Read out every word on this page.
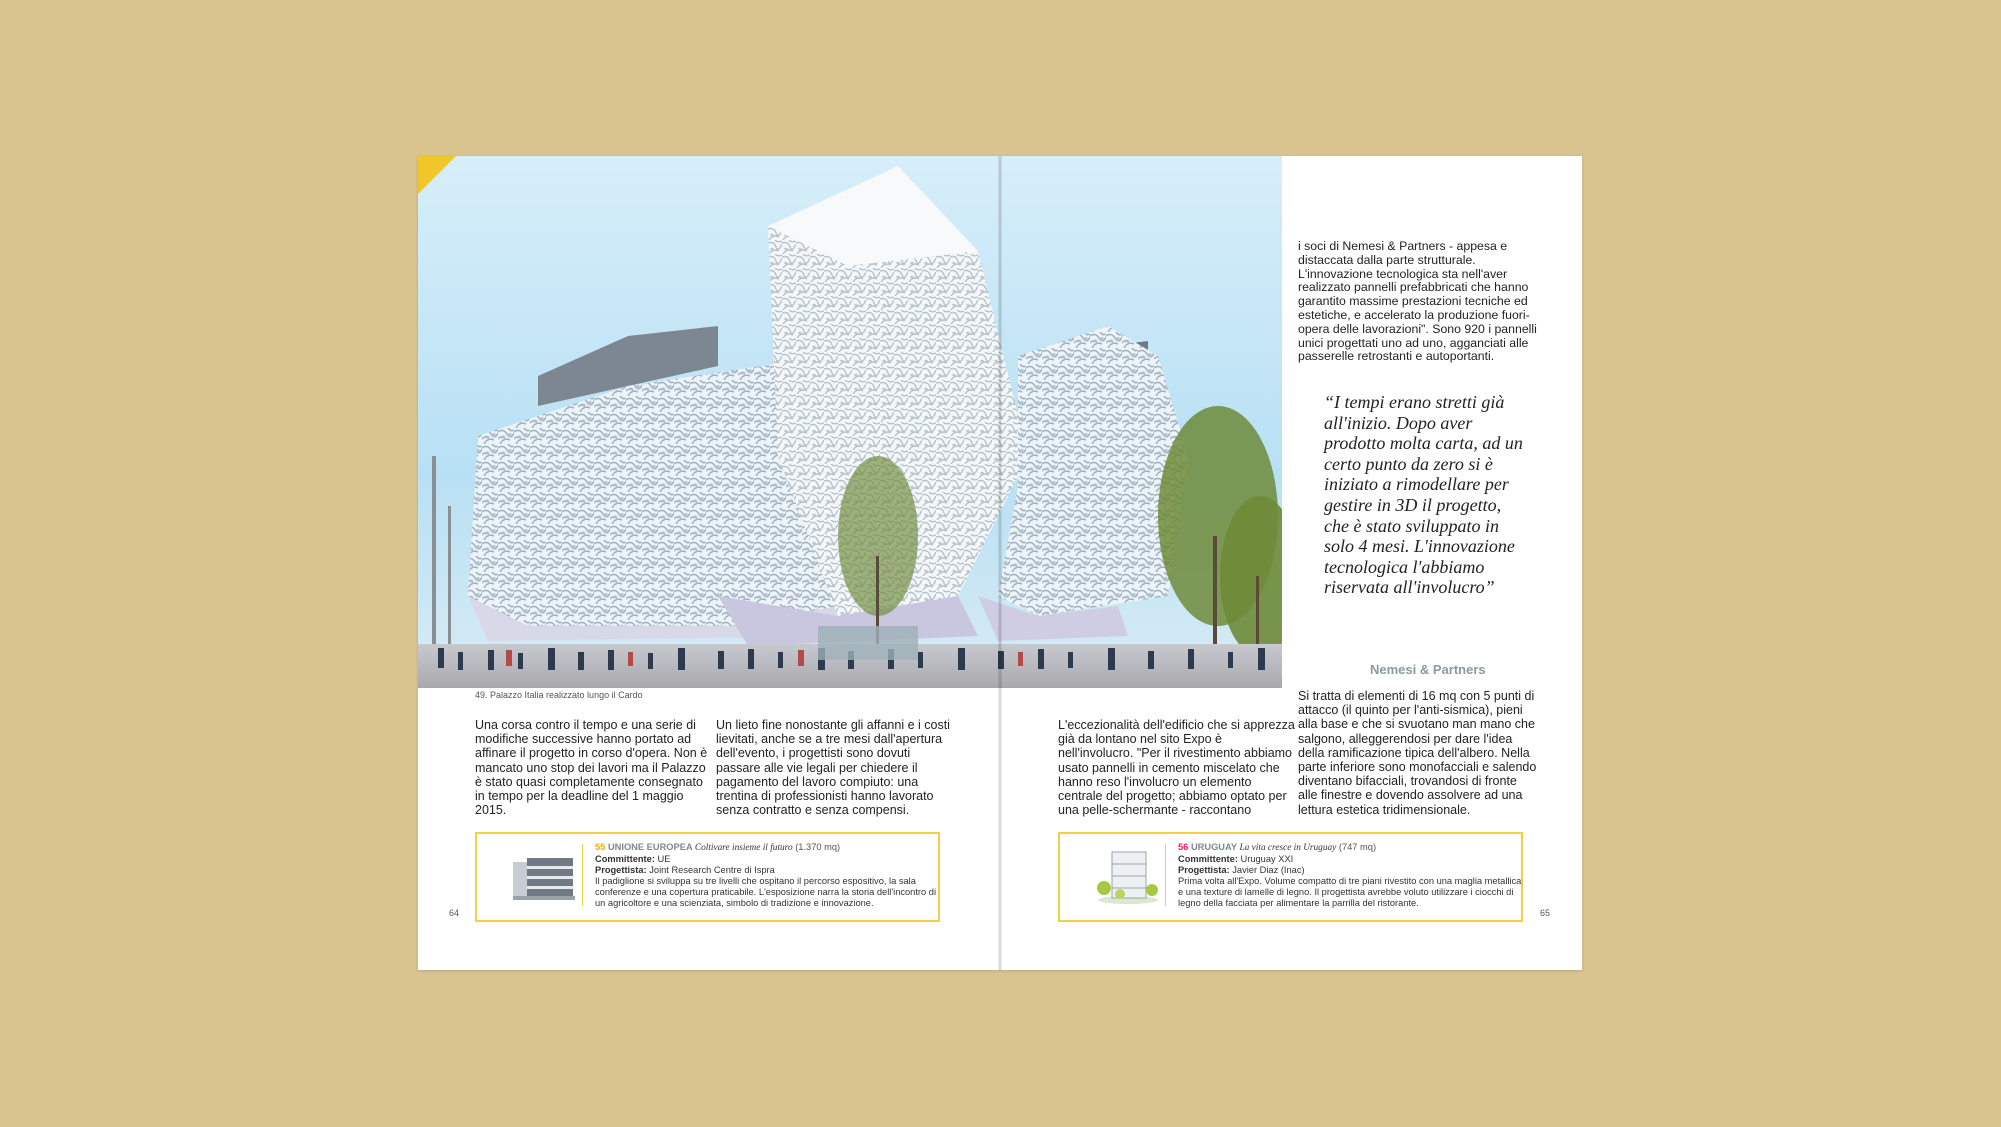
49. Palazzo Italia realizzato lungo il Cardo
Una corsa contro il tempo e una serie di modifiche successive hanno portato ad affinare il progetto in corso d'opera. Non è mancato uno stop dei lavori ma il Palazzo è stato quasi completamente consegnato in tempo per la deadline del 1 maggio 2015.
Un lieto fine nonostante gli affanni e i costi lievitati, anche se a tre mesi dall'apertura dell'evento, i progettisti sono dovuti passare alle vie legali per chiedere il pagamento del lavoro compiuto: una trentina di professionisti hanno lavorato senza contratto e senza compensi.
55 UNIONE EUROPEA Coltivare insieme il futuro (1.370 mq)
Committente: UE
Progettista: Joint Research Centre di Ispra
Il padiglione si sviluppa su tre livelli che ospitano il percorso espositivo, la sala conferenze e una copertura praticabile. L'esposizione narra la storia dell'incontro di un agricoltore e una scienziata, simbolo di tradizione e innovazione.
64
i soci di Nemesi & Partners - appesa e distaccata dalla parte strutturale. L'innovazione tecnologica sta nell'aver realizzato pannelli prefabbricati che hanno garantito massime prestazioni tecniche ed estetiche, e accelerato la produzione fuori-opera delle lavorazioni". Sono 920 i pannelli unici progettati uno ad uno, agganciati alle passerelle retrostanti e autoportanti.
“I tempi erano stretti già all'inizio. Dopo aver prodotto molta carta, ad un certo punto da zero si è iniziato a rimodellare per gestire in 3D il progetto, che è stato sviluppato in solo 4 mesi. L'innovazione tecnologica l'abbiamo riservata all'involucro”
Nemesi & Partners
L'eccezionalità dell'edificio che si apprezza già da lontano nel sito Expo è nell'involucro. "Per il rivestimento abbiamo usato pannelli in cemento miscelato che hanno reso l'involucro un elemento centrale del progetto; abbiamo optato per una pelle-schermante - raccontano
Si tratta di elementi di 16 mq con 5 punti di attacco (il quinto per l'anti-sismica), pieni alla base e che si svuotano man mano che salgono, alleggerendosi per dare l'idea della ramificazione tipica dell'albero. Nella parte inferiore sono monofacciali e salendo diventano bifacciali, trovandosi di fronte alle finestre e dovendo assolvere ad una lettura estetica tridimensionale.
56 URUGUAY La vita cresce in Uruguay (747 mq)
Committente: Uruguay XXI
Progettista: Javier Diaz (Inac)
Prima volta all'Expo. Volume compatto di tre piani rivestito con una maglia metallica e una texture di lamelle di legno. Il progettista avrebbe voluto utilizzare i ciocchi di legno della facciata per alimentare la parrilla del ristorante.
65
